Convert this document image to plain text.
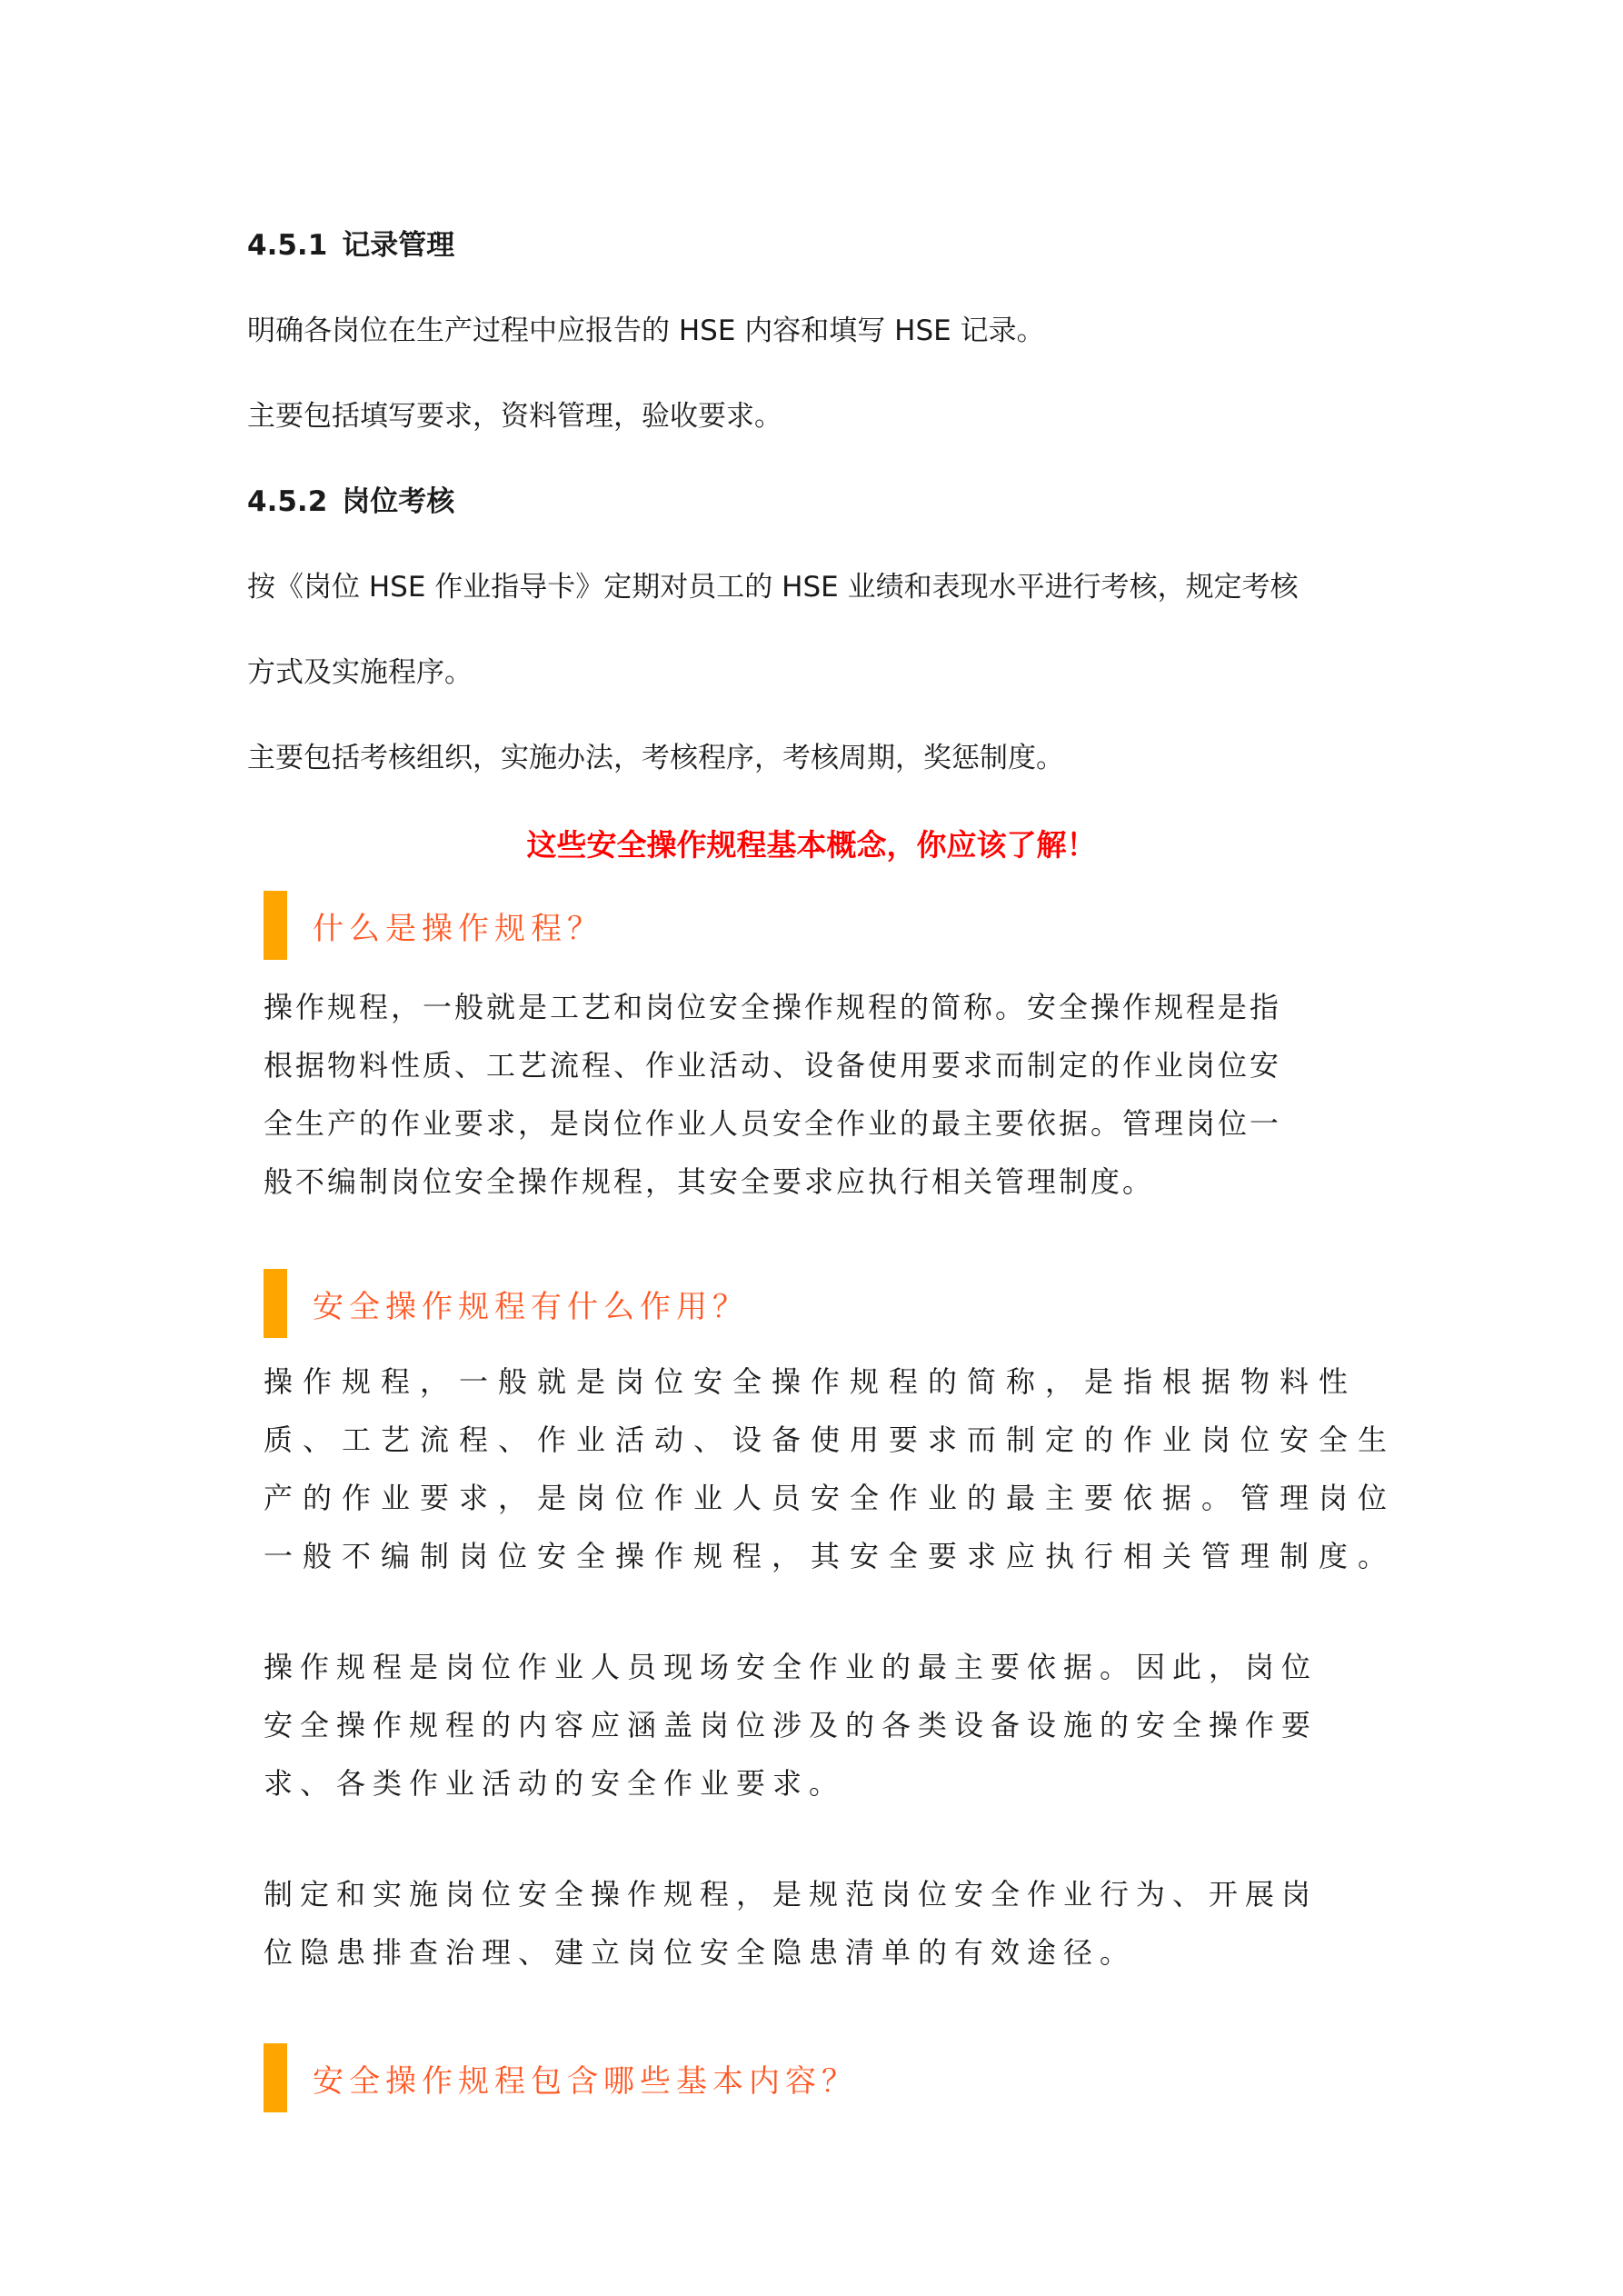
4.5.1 记录管理

明确各岗位在生产过程中应报告的 HSE 内容和填写 HSE 记录。

主要包括填写要求，资料管理，验收要求。

4.5.2 岗位考核

按《岗位 HSE 作业指导卡》定期对员工的 HSE 业绩和表现水平进行考核，规定考核

方式及实施程序。

主要包括考核组织，实施办法，考核程序，考核周期，奖惩制度。

这些安全操作规程基本概念，你应该了解！

什么是操作规程？
操作规程，一般就是工艺和岗位安全操作规程的简称。安全操作规程是指
根据物料性质、工艺流程、作业活动、设备使用要求而制定的作业岗位安
全生产的作业要求，是岗位作业人员安全作业的最主要依据。管理岗位一
般不编制岗位安全操作规程，其安全要求应执行相关管理制度。
安全操作规程有什么作用？
操作规程，一般就是岗位安全操作规程的简称，是指根据物料性
质、工艺流程、作业活动、设备使用要求而制定的作业岗位安全生
产的作业要求，是岗位作业人员安全作业的最主要依据。管理岗位
一般不编制岗位安全操作规程，其安全要求应执行相关管理制度。
操作规程是岗位作业人员现场安全作业的最主要依据。因此，岗位
安全操作规程的内容应涵盖岗位涉及的各类设备设施的安全操作要
求、各类作业活动的安全作业要求。
制定和实施岗位安全操作规程，是规范岗位安全作业行为、开展岗
位隐患排查治理、建立岗位安全隐患清单的有效途径。
安全操作规程包含哪些基本内容？
